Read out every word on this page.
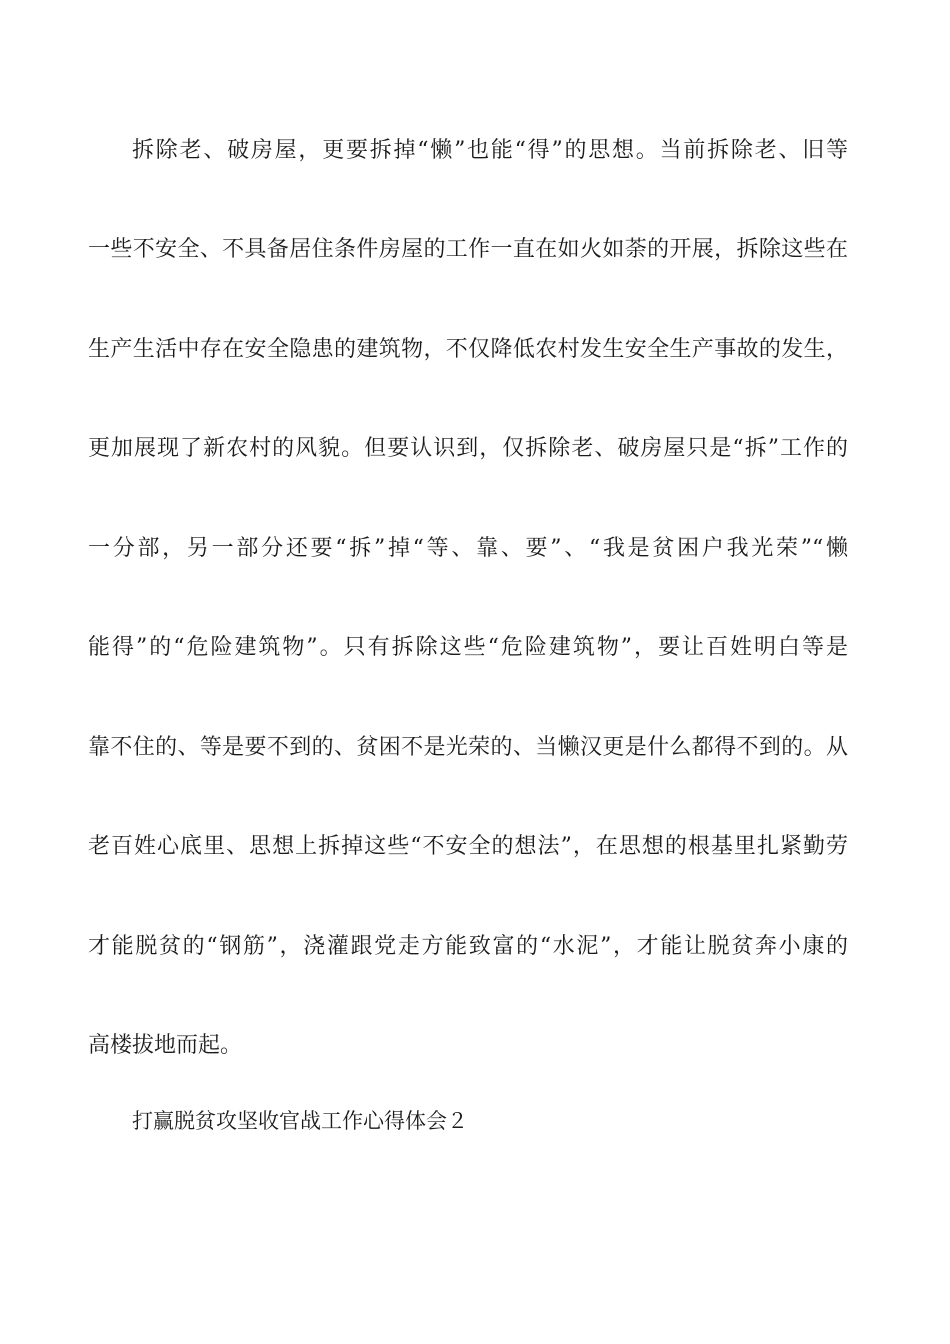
拆除老、破房屋，更要拆掉“懒”也能“得”的思想。当前拆除老、旧等
一些不安全、不具备居住条件房屋的工作一直在如火如荼的开展，拆除这些在
生产生活中存在安全隐患的建筑物，不仅降低农村发生安全生产事故的发生，
更加展现了新农村的风貌。但要认识到，仅拆除老、破房屋只是“拆”工作的
一分部，另一部分还要“拆”掉“等、靠、要”、“我是贫困户我光荣”“懒
能得”的“危险建筑物”。只有拆除这些“危险建筑物”，要让百姓明白等是
靠不住的、等是要不到的、贫困不是光荣的、当懒汉更是什么都得不到的。从
老百姓心底里、思想上拆掉这些“不安全的想法”，在思想的根基里扎紧勤劳
才能脱贫的“钢筋”，浇灌跟党走方能致富的“水泥”，才能让脱贫奔小康的
高楼拔地而起。
打赢脱贫攻坚收官战工作心得体会２
